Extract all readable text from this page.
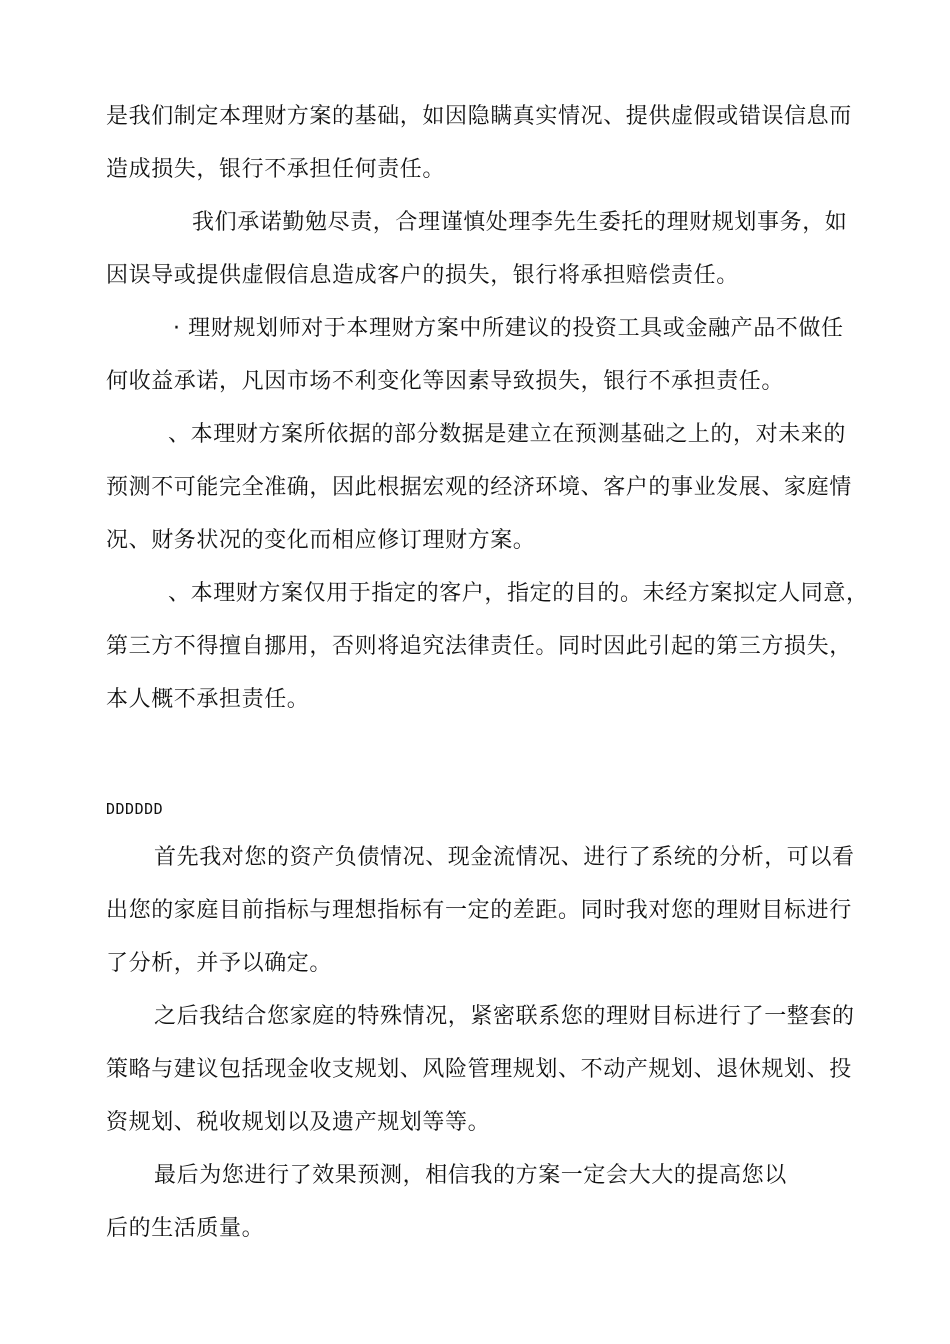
是我们制定本理财方案的基础，如因隐瞒真实情况、提供虚假或错误信息而
造成损失，银行不承担任何责任。
我们承诺勤勉尽责，合理谨慎处理李先生委托的理财规划事务，如
因误导或提供虚假信息造成客户的损失，银行将承担赔偿责任。
· 理财规划师对于本理财方案中所建议的投资工具或金融产品不做任
何收益承诺，凡因市场不利变化等因素导致损失，银行不承担责任。
、本理财方案所依据的部分数据是建立在预测基础之上的，对未来的
预测不可能完全准确，因此根据宏观的经济环境、客户的事业发展、家庭情
况、财务状况的变化而相应修订理财方案。
、本理财方案仅用于指定的客户，指定的目的。未经方案拟定人同意，
第三方不得擅自挪用，否则将追究法律责任。同时因此引起的第三方损失，
本人概不承担责任。
DDDDDD
首先我对您的资产负债情况、现金流情况、进行了系统的分析，可以看
出您的家庭目前指标与理想指标有一定的差距。同时我对您的理财目标进行
了分析，并予以确定。
之后我结合您家庭的特殊情况，紧密联系您的理财目标进行了一整套的
策略与建议包括现金收支规划、风险管理规划、不动产规划、退休规划、投
资规划、税收规划以及遗产规划等等。
最后为您进行了效果预测，相信我的方案一定会大大的提高您以
后的生活质量。
